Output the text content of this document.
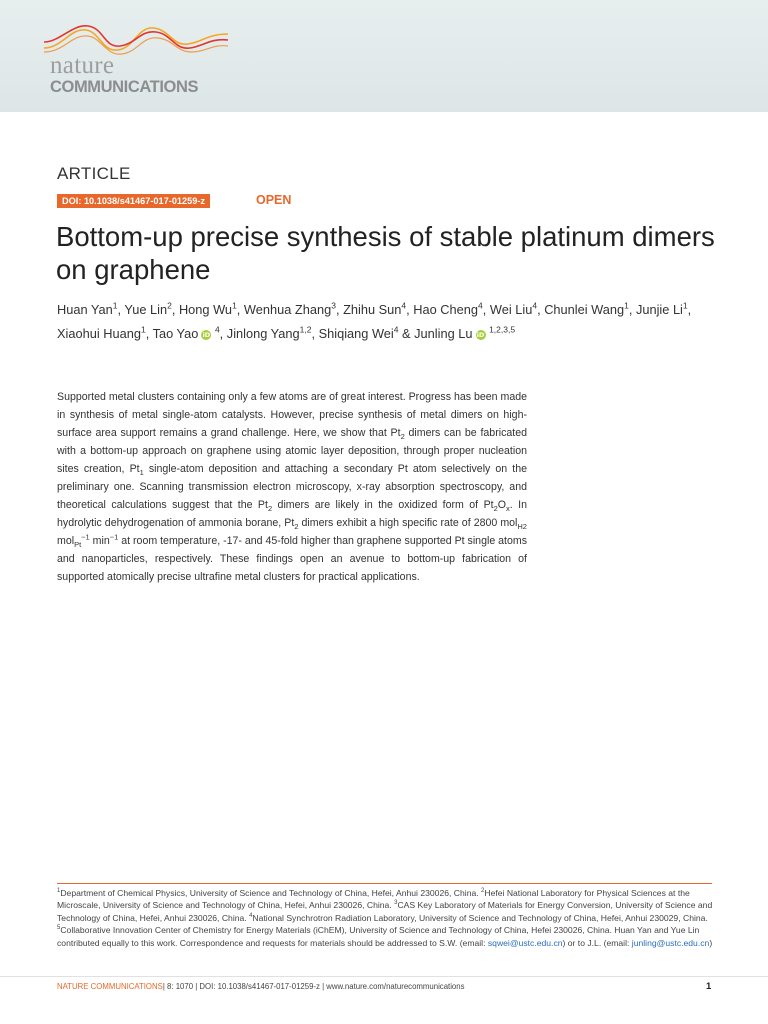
nature
COMMUNICATIONS
ARTICLE
DOI: 10.1038/s41467-017-01259-z	OPEN
Bottom-up precise synthesis of stable platinum dimers on graphene

Huan Yan$^1$, Yue Lin$^2$, Hong Wu$^1$, Wenhua Zhang$^3$, Zhihu Sun$^4$, Hao Cheng$^4$, Wei Liu$^4$, Chunlei Wang$^1$, Junjie Li$^1$, Xiaohui Huang$^1$, Tao Yao iD $^4$, Jinlong Yang$^{1,2}$, Shiqiang Wei$^4$ & Junling Lu iD $^{1,2,3,5}$

Supported metal clusters containing only a few atoms are of great interest. Progress has been made in synthesis of metal single-atom catalysts. However, precise synthesis of metal dimers on high-surface area support remains a grand challenge. Here, we show that $Pt_2$ dimers can be fabricated with a bottom-up approach on graphene using atomic layer deposition, through proper nucleation sites creation, $Pt_1$ single-atom deposition and attaching a secondary Pt atom selectively on the preliminary one. Scanning transmission electron microscopy, x-ray absorption spectroscopy, and theoretical calculations suggest that the $Pt_2$ dimers are likely in the oxidized form of $Pt_2O_x$. In hydrolytic dehydrogenation of ammonia borane, $Pt_2$ dimers exhibit a high specific rate of 2800 mol$_{H2}$ mol$_{Pt}^{-1}$ $\min^{-1}$ at room temperature, -17- and 45-fold higher than graphene supported Pt single atoms and nanoparticles, respectively. These findings open an avenue to bottom-up fabrication of supported atomically precise ultrafine metal clusters for practical applications.

$^1$Department of Chemical Physics, University of Science and Technology of China, Hefei, Anhui 230026, China. $^2$Hefei National Laboratory for Physical Sciences at the Microscale, University of Science and Technology of China, Hefei, Anhui 230026, China. $^3$CAS Key Laboratory of Materials for Energy Conversion, University of Science and Technology of China, Hefei, Anhui 230026, China. $^4$National Synchrotron Radiation Laboratory, University of Science and Technology of China, Hefei, Anhui 230029, China. $^5$Collaborative Innovation Center of Chemistry for Energy Materials (iChEM), University of Science and Technology of China, Hefei 230026, China. Huan Yan and Yue Lin contributed equally to this work. Correspondence and requests for materials should be addressed to S.W. (email: sqwei@ustc.edu.cn) or to J.L. (email: junling@ustc.edu.cn)

NATURE COMMUNICATIONS| 8: 1070 | DOI: 10.1038/s41467-017-01259-z | www.nature.com/naturecommunications	1
